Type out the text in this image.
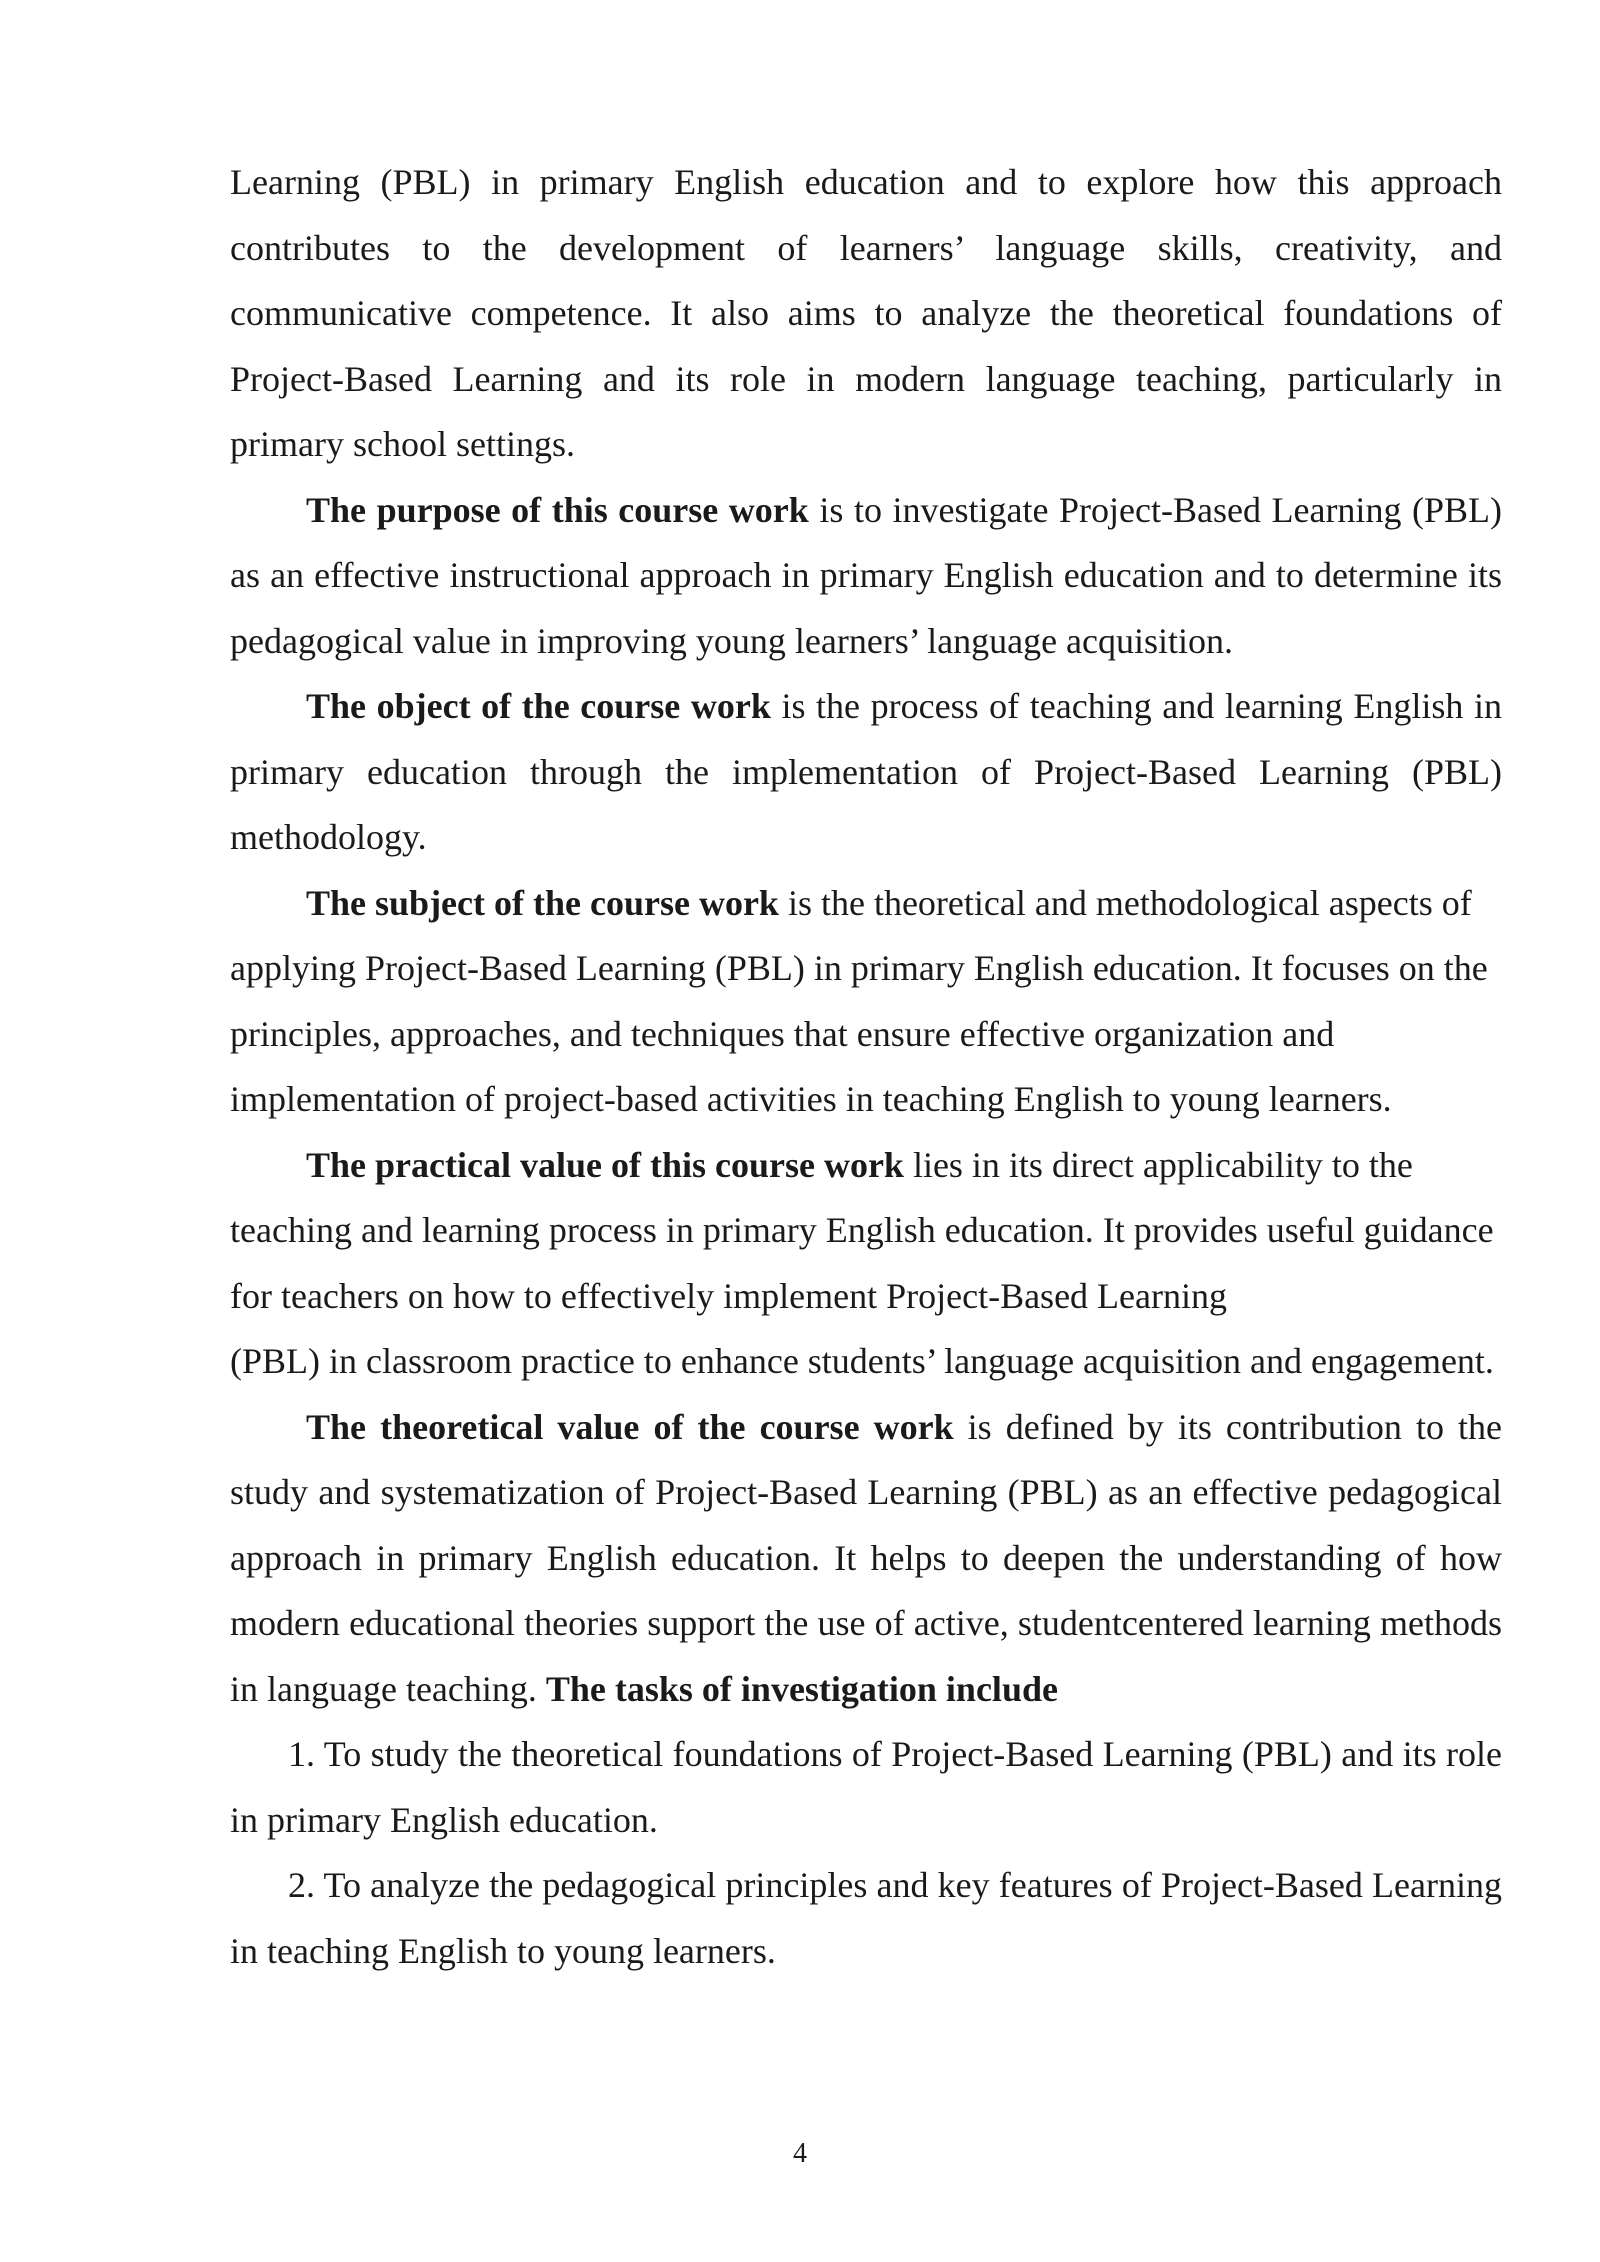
Learning (PBL) in primary English education and to explore how this approach contributes to the development of learners’ language skills, creativity, and communicative competence. It also aims to analyze the theoretical foundations of Project-Based Learning and its role in modern language teaching, particularly in primary school settings.

The purpose of this course work is to investigate Project-Based Learning (PBL) as an effective instructional approach in primary English education and to determine its pedagogical value in improving young learners’ language acquisition.

The object of the course work is the process of teaching and learning English in primary education through the implementation of Project-Based Learning (PBL) methodology.

The subject of the course work is the theoretical and methodological aspects of applying Project-Based Learning (PBL) in primary English education. It focuses on the principles, approaches, and techniques that ensure effective organization and implementation of project-based activities in teaching English to young learners.

The practical value of this course work lies in its direct applicability to the teaching and learning process in primary English education. It provides useful guidance for teachers on how to effectively implement Project-Based Learning

(PBL) in classroom practice to enhance students’ language acquisition and engagement.

The theoretical value of the course work is defined by its contribution to the study and systematization of Project-Based Learning (PBL) as an effective pedagogical approach in primary English education. It helps to deepen the understanding of how modern educational theories support the use of active, studentcentered learning methods in language teaching. The tasks of investigation include

1. To study the theoretical foundations of Project-Based Learning (PBL) and its role in primary English education.

2. To analyze the pedagogical principles and key features of Project-Based Learning in teaching English to young learners.

4
